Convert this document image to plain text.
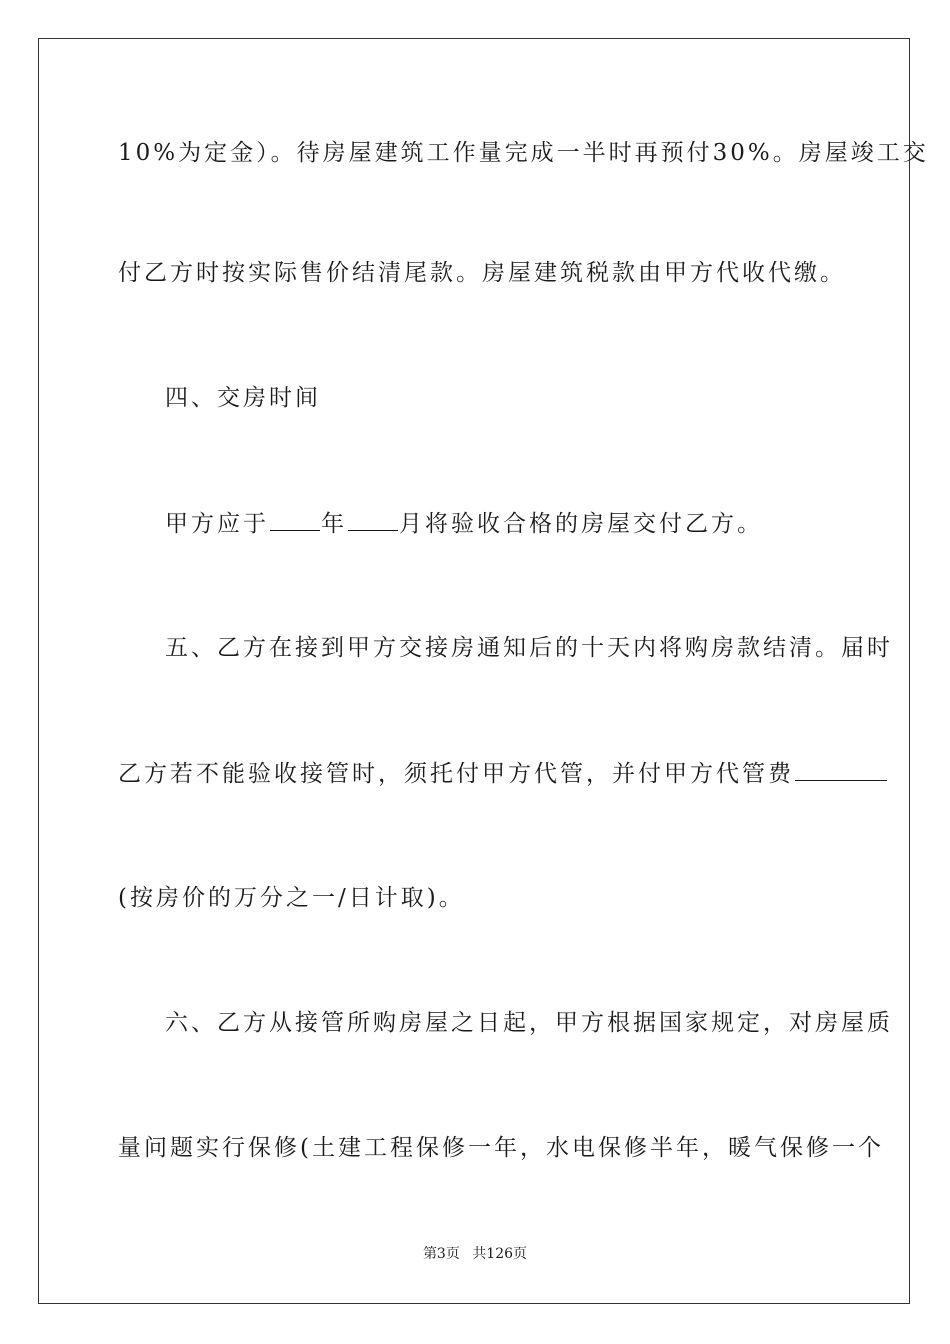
10%为定金）。待房屋建筑工作量完成一半时再预付30%。房屋竣工交
付乙方时按实际售价结清尾款。房屋建筑税款由甲方代收代缴。
四、交房时间
甲方应于 年 月将验收合格的房屋交付乙方。
五、乙方在接到甲方交接房通知后的十天内将购房款结清。届时
乙方若不能验收接管时，须托付甲方代管，并付甲方代管费
(按房价的万分之一/日计取)。
六、乙方从接管所购房屋之日起，甲方根据国家规定，对房屋质
量问题实行保修(土建工程保修一年，水电保修半年，暖气保修一个
第3页 共126页
